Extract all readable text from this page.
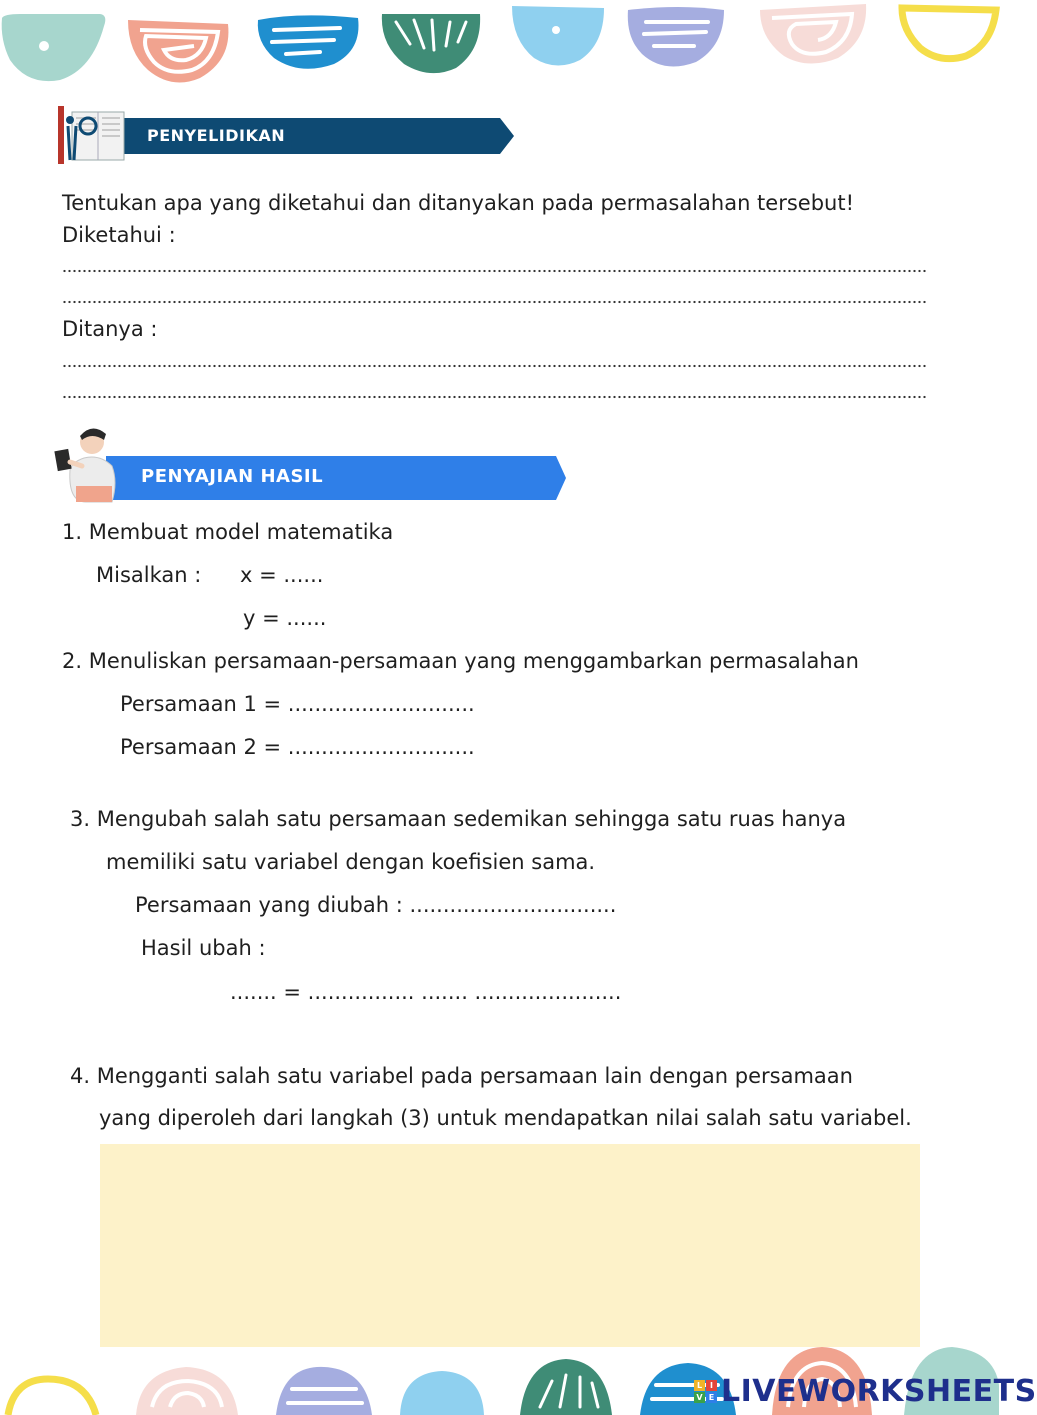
PENYELIDIKAN
Tentukan apa yang diketahui dan ditanyakan pada permasalahan tersebut!
Diketahui :
Ditanya :
PENYAJIAN HASIL
1. Membuat model matematika
Misalkan : x = ......
y = ......
2. Menuliskan persamaan-persamaan yang menggambarkan permasalahan
Persamaan 1 = ............................
Persamaan 2 = ............................
3. Mengubah salah satu persamaan sedemikan sehingga satu ruas hanya
memiliki satu variabel dengan koefisien sama.
Persamaan yang diubah : ...............................
Hasil ubah :
....... = ................ ....... ......................
4. Mengganti salah satu variabel pada persamaan lain dengan persamaan
yang diperoleh dari langkah (3) untuk mendapatkan nilai salah satu variabel.
L I
V E LIVEWORKSHEETS
